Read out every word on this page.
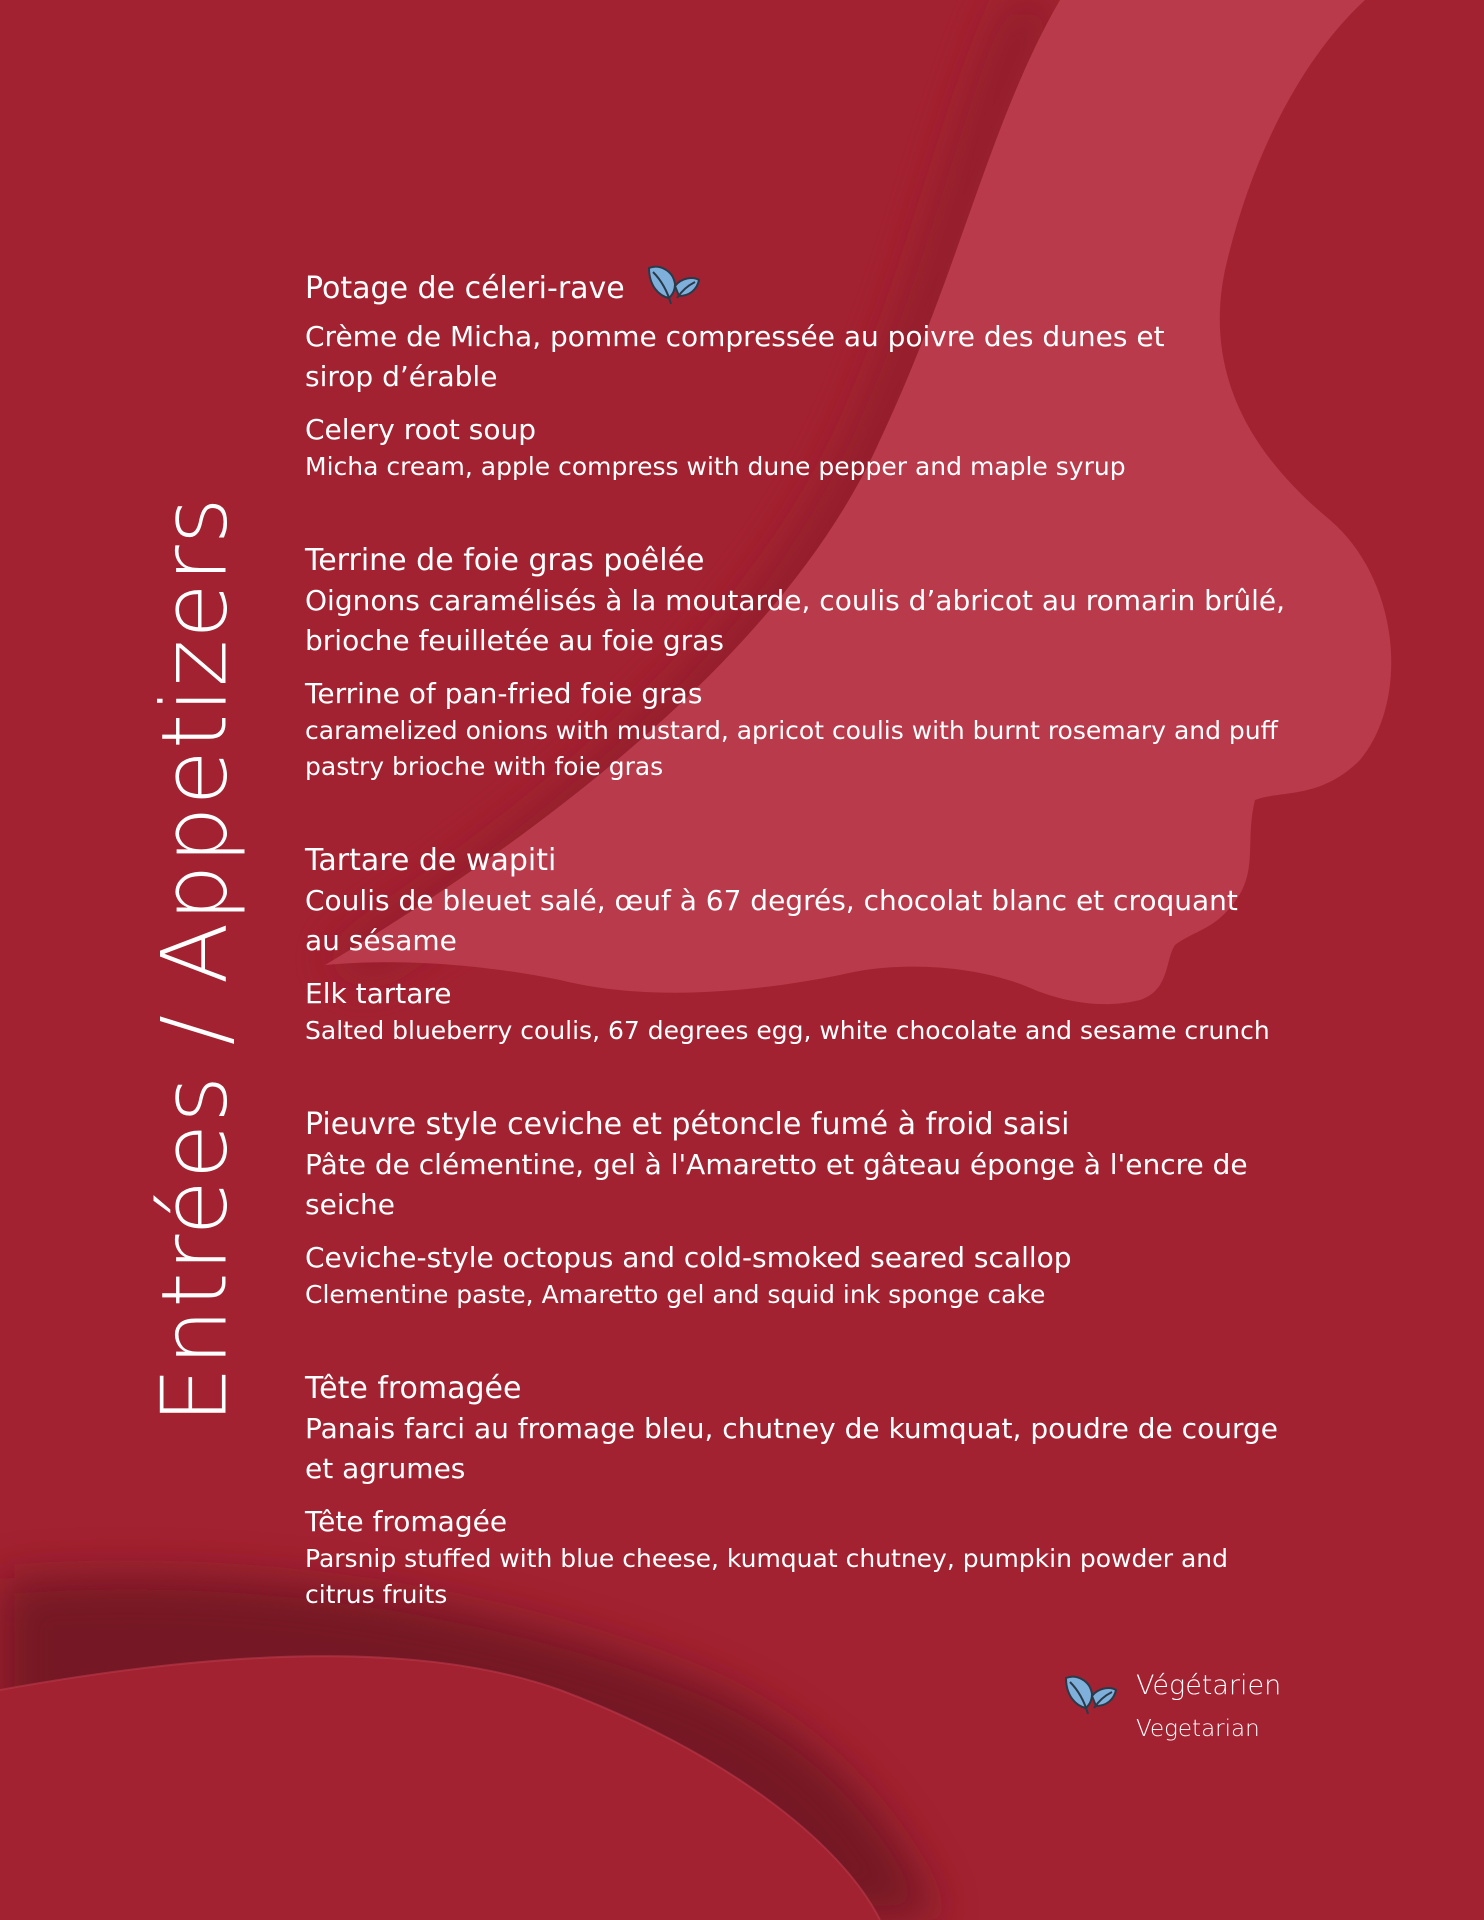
Entrées / Appetizers
Potage de céleri-rave
Crème de Micha, pomme compressée au poivre des dunes et
sirop d’érable
Celery root soup
Micha cream, apple compress with dune pepper and maple syrup
Terrine de foie gras poêlée
Oignons caramélisés à la moutarde, coulis d’abricot au romarin brûlé,
brioche feuilletée au foie gras
Terrine of pan-fried foie gras
caramelized onions with mustard, apricot coulis with burnt rosemary and puff
pastry brioche with foie gras
Tartare de wapiti
Coulis de bleuet salé, œuf à 67 degrés, chocolat blanc et croquant
au sésame
Elk tartare
Salted blueberry coulis, 67 degrees egg, white chocolate and sesame crunch
Pieuvre style ceviche et pétoncle fumé à froid saisi
Pâte de clémentine, gel à l'Amaretto et gâteau éponge à l'encre de
seiche
Ceviche-style octopus and cold-smoked seared scallop
Clementine paste, Amaretto gel and squid ink sponge cake
Tête fromagée
Panais farci au fromage bleu, chutney de kumquat, poudre de courge
et agrumes
Tête fromagée
Parsnip stuffed with blue cheese, kumquat chutney, pumpkin powder and
citrus fruits
Végétarien
Vegetarian
